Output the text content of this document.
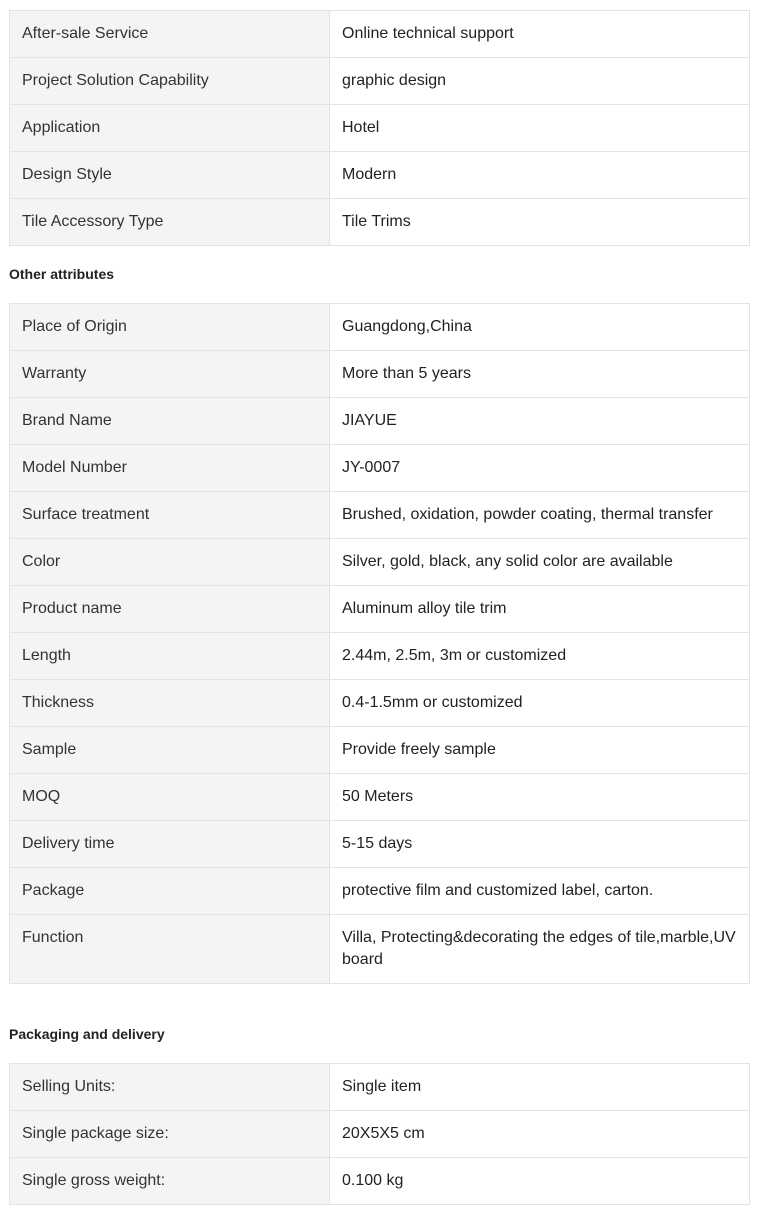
After-sale Service	Online technical support
Project Solution Capability	graphic design
Application	Hotel
Design Style	Modern
Tile Accessory Type	Tile Trims
Other attributes
Place of Origin	Guangdong,China
Warranty	More than 5 years
Brand Name	JIAYUE
Model Number	JY-0007
Surface treatment	Brushed, oxidation, powder coating, thermal transfer
Color	Silver, gold, black, any solid color are available
Product name	Aluminum alloy tile trim
Length	2.44m, 2.5m, 3m or customized
Thickness	0.4-1.5mm or customized
Sample	Provide freely sample
MOQ	50 Meters
Delivery time	5-15 days
Package	protective film and customized label, carton.
Function	Villa, Protecting&decorating the edges of tile,marble,UV board
Packaging and delivery
Selling Units:	Single item
Single package size:	20X5X5 cm
Single gross weight:	0.100 kg
